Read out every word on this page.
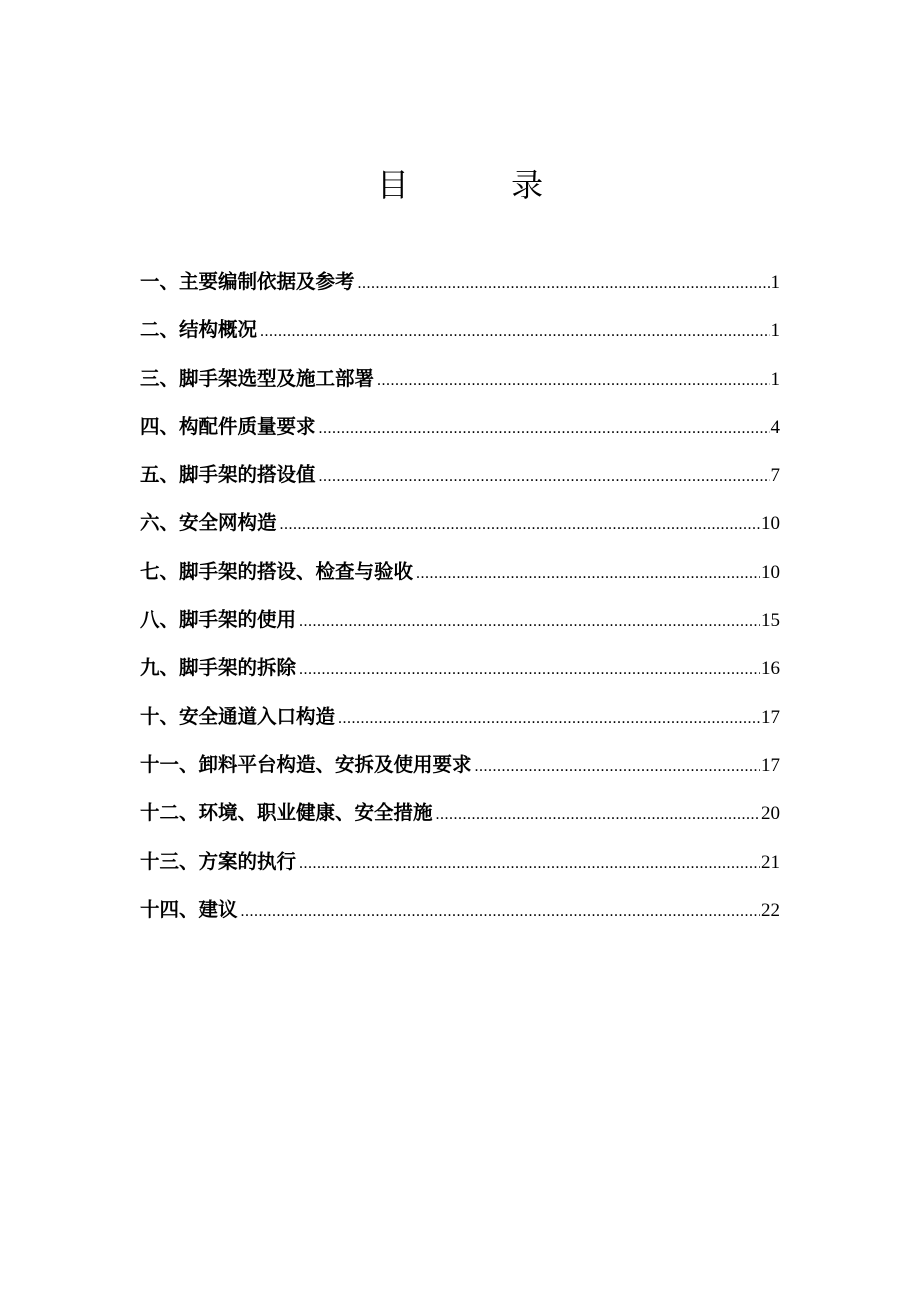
目 录
一、主要编制依据及参考 .....	1
二、结构概况 .....	1
三、脚手架选型及施工部署 .....	1
四、构配件质量要求 .....	4
五、脚手架的搭设值 .....	7
六、安全网构造 .....	10
七、脚手架的搭设、检查与验收 .....	10
八、脚手架的使用 .....	15
九、脚手架的拆除 .....	16
十、安全通道入口构造 .....	17
十一、卸料平台构造、安拆及使用要求 .....	17
十二、环境、职业健康、安全措施 .....	20
十三、方案的执行 .....	21
十四、建议 .....	22
